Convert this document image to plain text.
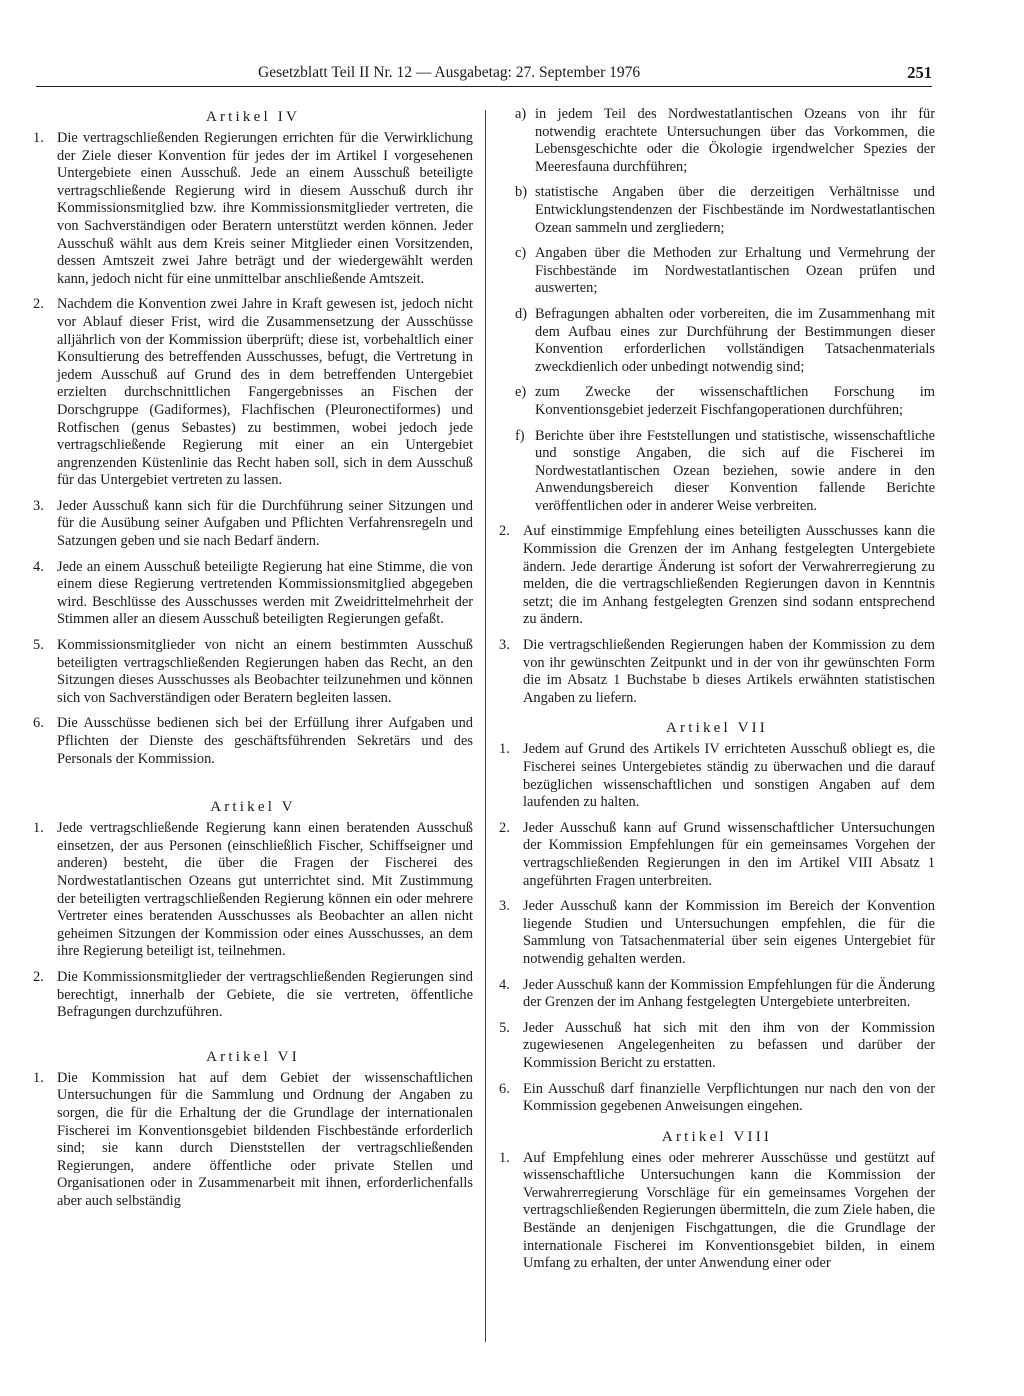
Gesetzblatt Teil II Nr. 12 — Ausgabetag: 27. September 1976	251
Artikel IV
1. Die vertragschließenden Regierungen errichten für die Verwirklichung der Ziele dieser Konvention für jedes der im Artikel I vorgesehenen Untergebiete einen Ausschuß. Jede an einem Ausschuß beteiligte vertragschließende Regierung wird in diesem Ausschuß durch ihr Kommissionsmitglied bzw. ihre Kommissionsmitglieder vertreten, die von Sachverständigen oder Beratern unterstützt werden können. Jeder Ausschuß wählt aus dem Kreis seiner Mitglieder einen Vorsitzenden, dessen Amtszeit zwei Jahre beträgt und der wiedergewählt werden kann, jedoch nicht für eine unmittelbar anschließende Amtszeit.
2. Nachdem die Konvention zwei Jahre in Kraft gewesen ist, jedoch nicht vor Ablauf dieser Frist, wird die Zusammensetzung der Ausschüsse alljährlich von der Kommission überprüft; diese ist, vorbehaltlich einer Konsultierung des betreffenden Ausschusses, befugt, die Vertretung in jedem Ausschuß auf Grund des in dem betreffenden Untergebiet erzielten durchschnittlichen Fangergebnisses an Fischen der Dorschgruppe (Gadiformes), Flachfischen (Pleuronectiformes) und Rotfischen (genus Sebastes) zu bestimmen, wobei jedoch jede vertragschließende Regierung mit einer an ein Untergebiet angrenzenden Küstenlinie das Recht haben soll, sich in dem Ausschuß für das Untergebiet vertreten zu lassen.
3. Jeder Ausschuß kann sich für die Durchführung seiner Sitzungen und für die Ausübung seiner Aufgaben und Pflichten Verfahrensregeln und Satzungen geben und sie nach Bedarf ändern.
4. Jede an einem Ausschuß beteiligte Regierung hat eine Stimme, die von einem diese Regierung vertretenden Kommissionsmitglied abgegeben wird. Beschlüsse des Ausschusses werden mit Zweidrittelmehrheit der Stimmen aller an diesem Ausschuß beteiligten Regierungen gefaßt.
5. Kommissionsmitglieder von nicht an einem bestimmten Ausschuß beteiligten vertragschließenden Regierungen haben das Recht, an den Sitzungen dieses Ausschusses als Beobachter teilzunehmen und können sich von Sachverständigen oder Beratern begleiten lassen.
6. Die Ausschüsse bedienen sich bei der Erfüllung ihrer Aufgaben und Pflichten der Dienste des geschäftsführenden Sekretärs und des Personals der Kommission.
Artikel V
1. Jede vertragschließende Regierung kann einen beratenden Ausschuß einsetzen, der aus Personen (einschließlich Fischer, Schiffseigner und anderen) besteht, die über die Fragen der Fischerei des Nordwestatlantischen Ozeans gut unterrichtet sind. Mit Zustimmung der beteiligten vertragschließenden Regierung können ein oder mehrere Vertreter eines beratenden Ausschusses als Beobachter an allen nicht geheimen Sitzungen der Kommission oder eines Ausschusses, an dem ihre Regierung beteiligt ist, teilnehmen.
2. Die Kommissionsmitglieder der vertragschließenden Regierungen sind berechtigt, innerhalb der Gebiete, die sie vertreten, öffentliche Befragungen durchzuführen.
Artikel VI
1. Die Kommission hat auf dem Gebiet der wissenschaftlichen Untersuchungen für die Sammlung und Ordnung der Angaben zu sorgen, die für die Erhaltung der die Grundlage der internationalen Fischerei im Konventionsgebiet bildenden Fischbestände erforderlich sind; sie kann durch Dienststellen der vertragschließenden Regierungen, andere öffentliche oder private Stellen und Organisationen oder in Zusammenarbeit mit ihnen, erforderlichenfalls aber auch selbständig
a) in jedem Teil des Nordwestatlantischen Ozeans von ihr für notwendig erachtete Untersuchungen über das Vorkommen, die Lebensgeschichte oder die Ökologie irgendwelcher Spezies der Meeresfauna durchführen;
b) statistische Angaben über die derzeitigen Verhältnisse und Entwicklungstendenzen der Fischbestände im Nordwestatlantischen Ozean sammeln und zergliedern;
c) Angaben über die Methoden zur Erhaltung und Vermehrung der Fischbestände im Nordwestatlantischen Ozean prüfen und auswerten;
d) Befragungen abhalten oder vorbereiten, die im Zusammenhang mit dem Aufbau eines zur Durchführung der Bestimmungen dieser Konvention erforderlichen vollständigen Tatsachenmaterials zweckdienlich oder unbedingt notwendig sind;
e) zum Zwecke der wissenschaftlichen Forschung im Konventionsgebiet jederzeit Fischfangoperationen durchführen;
f) Berichte über ihre Feststellungen und statistische, wissenschaftliche und sonstige Angaben, die sich auf die Fischerei im Nordwestatlantischen Ozean beziehen, sowie andere in den Anwendungsbereich dieser Konvention fallende Berichte veröffentlichen oder in anderer Weise verbreiten.
2. Auf einstimmige Empfehlung eines beteiligten Ausschusses kann die Kommission die Grenzen der im Anhang festgelegten Untergebiete ändern. Jede derartige Änderung ist sofort der Verwahrerregierung zu melden, die die vertragschließenden Regierungen davon in Kenntnis setzt; die im Anhang festgelegten Grenzen sind sodann entsprechend zu ändern.
3. Die vertragschließenden Regierungen haben der Kommission zu dem von ihr gewünschten Zeitpunkt und in der von ihr gewünschten Form die im Absatz 1 Buchstabe b dieses Artikels erwähnten statistischen Angaben zu liefern.
Artikel VII
1. Jedem auf Grund des Artikels IV errichteten Ausschuß obliegt es, die Fischerei seines Untergebietes ständig zu überwachen und die darauf bezüglichen wissenschaftlichen und sonstigen Angaben auf dem laufenden zu halten.
2. Jeder Ausschuß kann auf Grund wissenschaftlicher Untersuchungen der Kommission Empfehlungen für ein gemeinsames Vorgehen der vertragschließenden Regierungen in den im Artikel VIII Absatz 1 angeführten Fragen unterbreiten.
3. Jeder Ausschuß kann der Kommission im Bereich der Konvention liegende Studien und Untersuchungen empfehlen, die für die Sammlung von Tatsachenmaterial über sein eigenes Untergebiet für notwendig gehalten werden.
4. Jeder Ausschuß kann der Kommission Empfehlungen für die Änderung der Grenzen der im Anhang festgelegten Untergebiete unterbreiten.
5. Jeder Ausschuß hat sich mit den ihm von der Kommission zugewiesenen Angelegenheiten zu befassen und darüber der Kommission Bericht zu erstatten.
6. Ein Ausschuß darf finanzielle Verpflichtungen nur nach den von der Kommission gegebenen Anweisungen eingehen.
Artikel VIII
1. Auf Empfehlung eines oder mehrerer Ausschüsse und gestützt auf wissenschaftliche Untersuchungen kann die Kommission der Verwahrerregierung Vorschläge für ein gemeinsames Vorgehen der vertragschließenden Regierungen übermitteln, die zum Ziele haben, die Bestände an denjenigen Fischgattungen, die die Grundlage der internationale Fischerei im Konventionsgebiet bilden, in einem Umfang zu erhalten, der unter Anwendung einer oder
